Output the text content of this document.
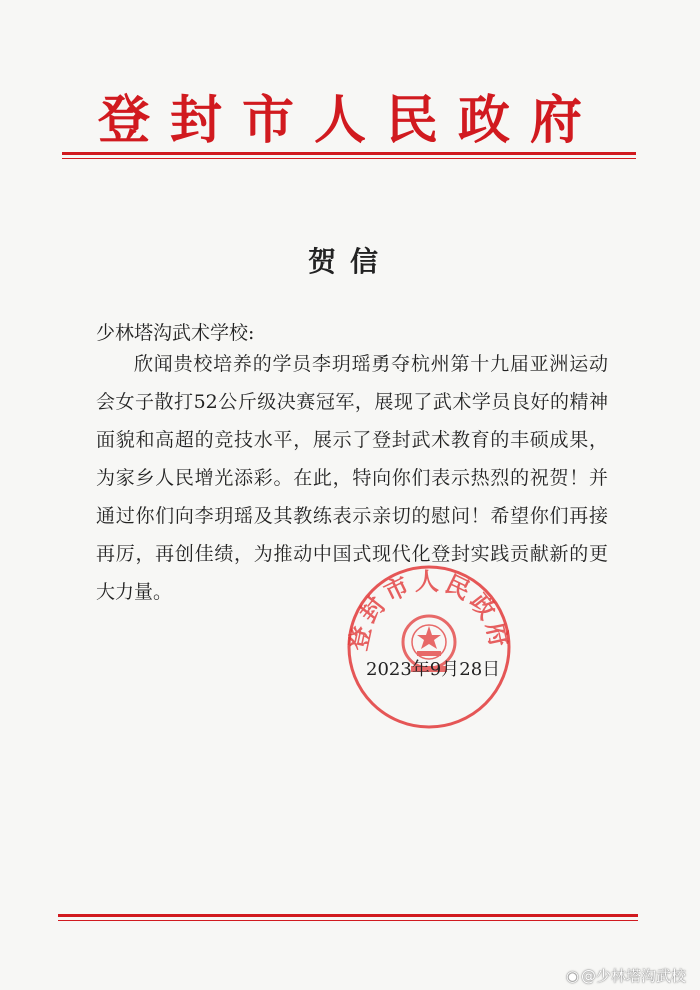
登封市人民政府
贺信
少林塔沟武术学校:
欣闻贵校培养的学员李玥瑶勇夺杭州第十九届亚洲运动会女子散打52公斤级决赛冠军，展现了武术学员良好的精神面貌和高超的竞技水平，展示了登封武术教育的丰硕成果，为家乡人民增光添彩。在此，特向你们表示热烈的祝贺！并通过你们向李玥瑶及其教练表示亲切的慰问！希望你们再接再厉，再创佳绩，为推动中国式现代化登封实践贡献新的更大力量。
登封市人民政府
2023年9月28日
◉ @少林塔沟武校
